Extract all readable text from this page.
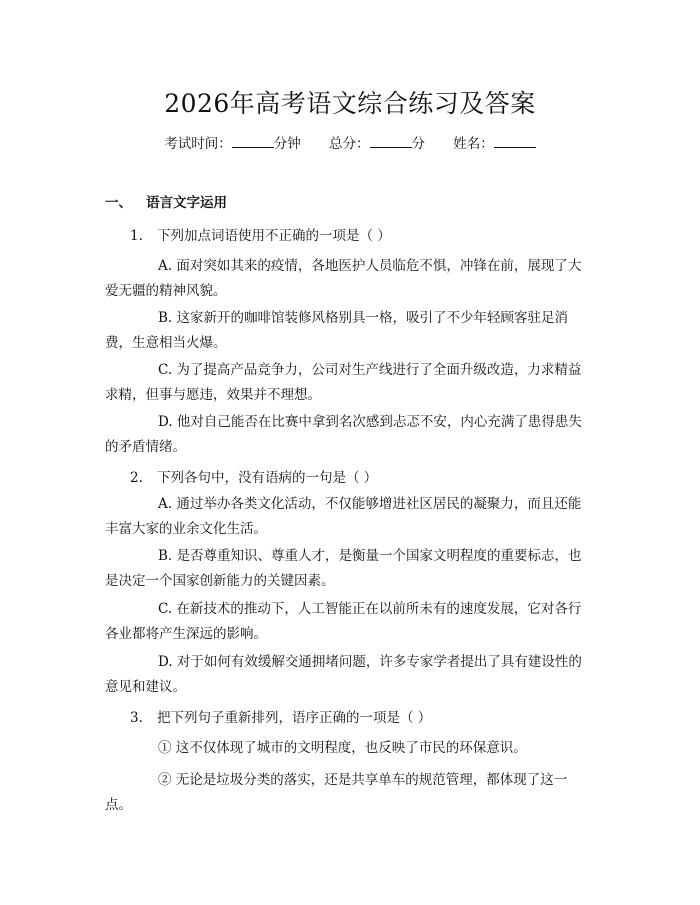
2026年高考语文综合练习及答案
考试时间：	分钟 总分：	分 姓名：
一、 语言文字运用
1. 下列加点词语使用不正确的一项是（ ）
A. 面对突如其来的疫情，各地医护人员临危不惧，冲锋在前，展现了大爱无疆的精神风貌。
B. 这家新开的咖啡馆装修风格别具一格，吸引了不少年轻顾客驻足消费，生意相当火爆。
C. 为了提高产品竞争力，公司对生产线进行了全面升级改造，力求精益求精，但事与愿违，效果并不理想。
D. 他对自己能否在比赛中拿到名次感到忐忑不安，内心充满了患得患失的矛盾情绪。
2. 下列各句中，没有语病的一句是（ ）
A. 通过举办各类文化活动，不仅能够增进社区居民的凝聚力，而且还能丰富大家的业余文化生活。
B. 是否尊重知识、尊重人才，是衡量一个国家文明程度的重要标志，也是决定一个国家创新能力的关键因素。
C. 在新技术的推动下，人工智能正在以前所未有的速度发展，它对各行各业都将产生深远的影响。
D. 对于如何有效缓解交通拥堵问题，许多专家学者提出了具有建设性的意见和建议。
3. 把下列句子重新排列，语序正确的一项是（ ）
① 这不仅体现了城市的文明程度，也反映了市民的环保意识。
② 无论是垃圾分类的落实，还是共享单车的规范管理，都体现了这一点。
